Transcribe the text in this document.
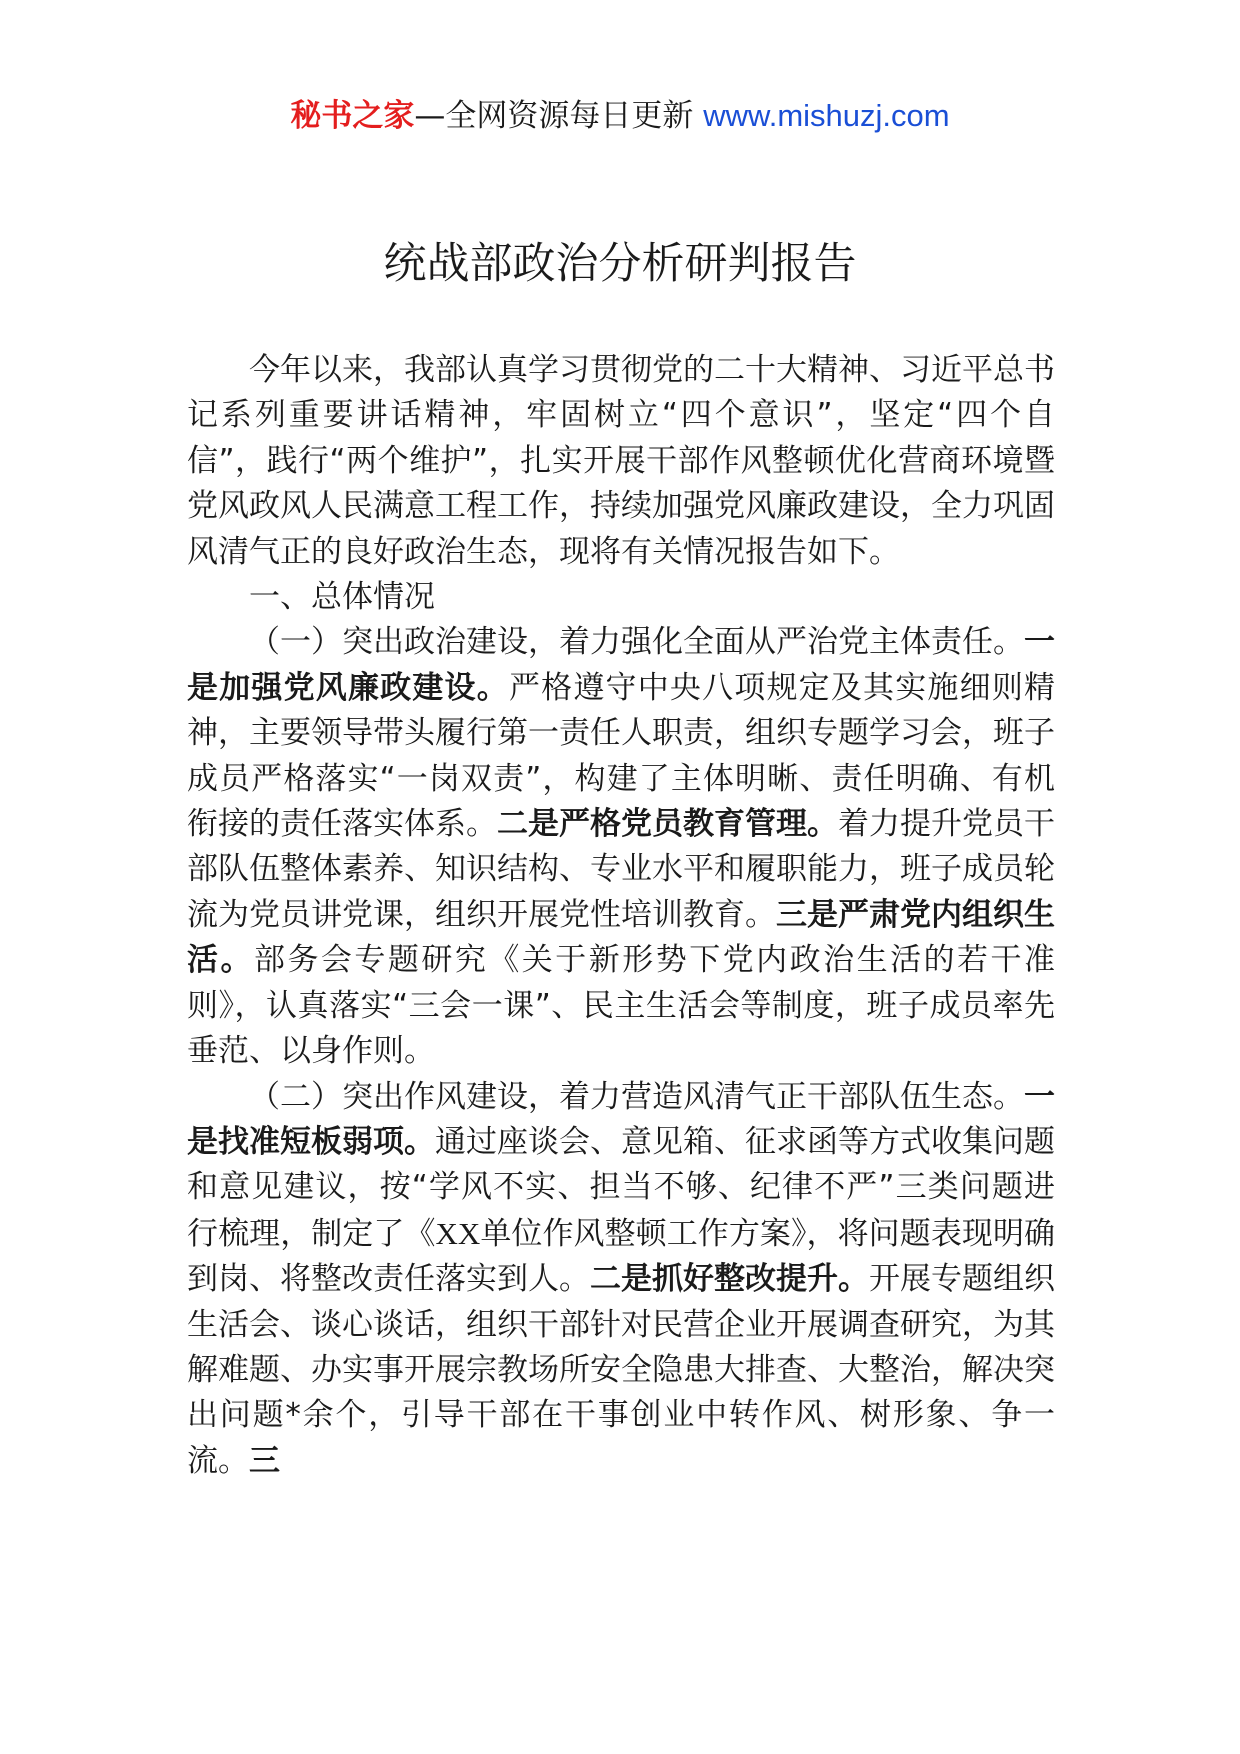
秘书之家—全网资源每日更新 www.mishuzj.com
统战部政治分析研判报告

今年以来，我部认真学习贯彻党的二十大精神、习近平总书记系列重要讲话精神，牢固树立“四个意识”，坚定“四个自信”，践行“两个维护”，扎实开展干部作风整顿优化营商环境暨党风政风人民满意工程工作，持续加强党风廉政建设，全力巩固风清气正的良好政治生态，现将有关情况报告如下。

一、总体情况

（一）突出政治建设，着力强化全面从严治党主体责任。一是加强党风廉政建设。严格遵守中央八项规定及其实施细则精神，主要领导带头履行第一责任人职责，组织专题学习会，班子成员严格落实“一岗双责”，构建了主体明晰、责任明确、有机衔接的责任落实体系。二是严格党员教育管理。着力提升党员干部队伍整体素养、知识结构、专业水平和履职能力，班子成员轮流为党员讲党课，组织开展党性培训教育。三是严肃党内组织生活。部务会专题研究《关于新形势下党内政治生活的若干准则》，认真落实“三会一课”、民主生活会等制度，班子成员率先垂范、以身作则。

（二）突出作风建设，着力营造风清气正干部队伍生态。一是找准短板弱项。通过座谈会、意见箱、征求函等方式收集问题和意见建议，按“学风不实、担当不够、纪律不严”三类问题进行梳理，制定了《XX单位作风整顿工作方案》，将问题表现明确到岗、将整改责任落实到人。二是抓好整改提升。开展专题组织生活会、谈心谈话，组织干部针对民营企业开展调查研究，为其解难题、办实事开展宗教场所安全隐患大排查、大整治，解决突出问题*余个，引导干部在干事创业中转作风、树形象、争一流。三
